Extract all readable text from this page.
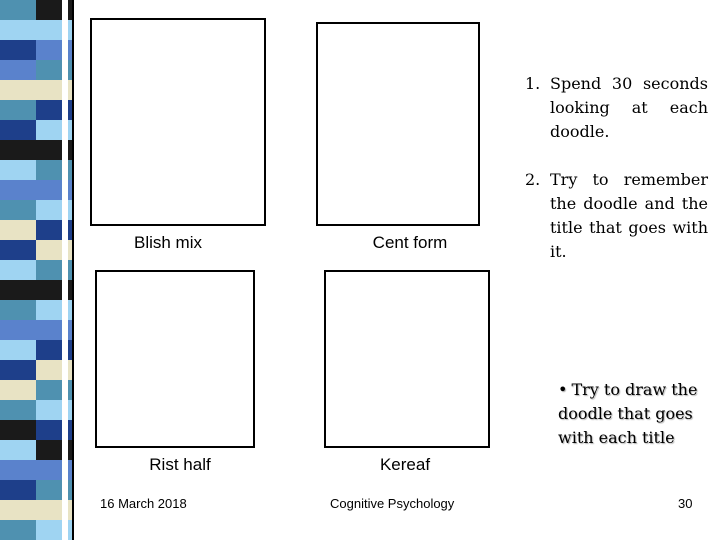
Blish mix	Cent form
Rist half	Kereaf
1. Spend 30 seconds looking at each doodle.
2. Try to remember the doodle and the title that goes with it.
• Try to draw the doodle that goes with each title
16 March 2018	Cognitive Psychology	30
